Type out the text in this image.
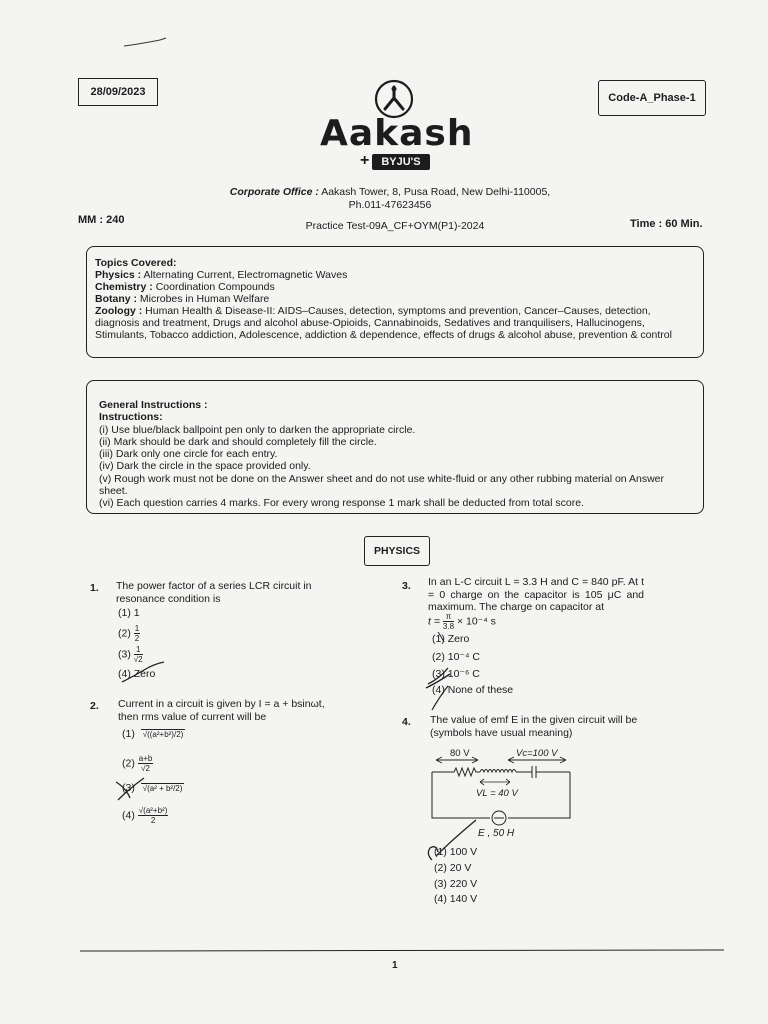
28/09/2023	Code-A_Phase-1
Aakash
+	BYJU'S
Corporate Office : Aakash Tower, 8, Pusa Road, New Delhi-110005,
Ph.011-47623456
MM : 240	Practice Test-09A_CF+OYM(P1)-2024	Time : 60 Min.
Topics Covered:
Physics : Alternating Current, Electromagnetic Waves
Chemistry : Coordination Compounds
Botany : Microbes in Human Welfare
Zoology : Human Health & Disease-II: AIDS–Causes, detection, symptoms and prevention, Cancer–Causes, detection, diagnosis and treatment, Drugs and alcohol abuse-Opioids, Cannabinoids, Sedatives and tranquilisers, Hallucinogens, Stimulants, Tobacco addiction, Adolescence, addiction & dependence, effects of drugs & alcohol abuse, prevention & control
General Instructions :
Instructions:
(i) Use blue/black ballpoint pen only to darken the appropriate circle.
(ii) Mark should be dark and should completely fill the circle.
(iii) Dark only one circle for each entry.
(iv) Dark the circle in the space provided only.
(v) Rough work must not be done on the Answer sheet and do not use white-fluid or any other rubbing material on Answer sheet.
(vi) Each question carries 4 marks. For every wrong response 1 mark shall be deducted from total score.
PHYSICS
1. The power factor of a series LCR circuit in resonance condition is
(1) 1
$(2) \frac{1}{2}$
$(3) \frac{1}{√2}$
(4) Zero
2. Current in a circuit is given by I = a + bsinωt, then rms value of current will be
(1) √((a²+b²)/2)
$(2) \frac{a+b}{√2}$
(3) √(a² + b²/2)
$(4) \frac{\text{√(a²+b²)}}{2}$
3. In an L-C circuit L = 3.3 H and C = 840 pF. At t = 0 charge on the capacitor is 105 μC and maximum. The charge on capacitor at
$t = \frac{\pi}{3.8} \times 10^{-4}$ s
(1) Zero
(2) 10⁻⁴ C
(3) 10⁻⁶ C
(4) None of these
4. The value of emf E in the given circuit will be (symbols have usual meaning)
80 V	Vc=100 V
VL = 40 V
E , 50 H
(1) 100 V
(2) 20 V
(3) 220 V
(4) 140 V
1
